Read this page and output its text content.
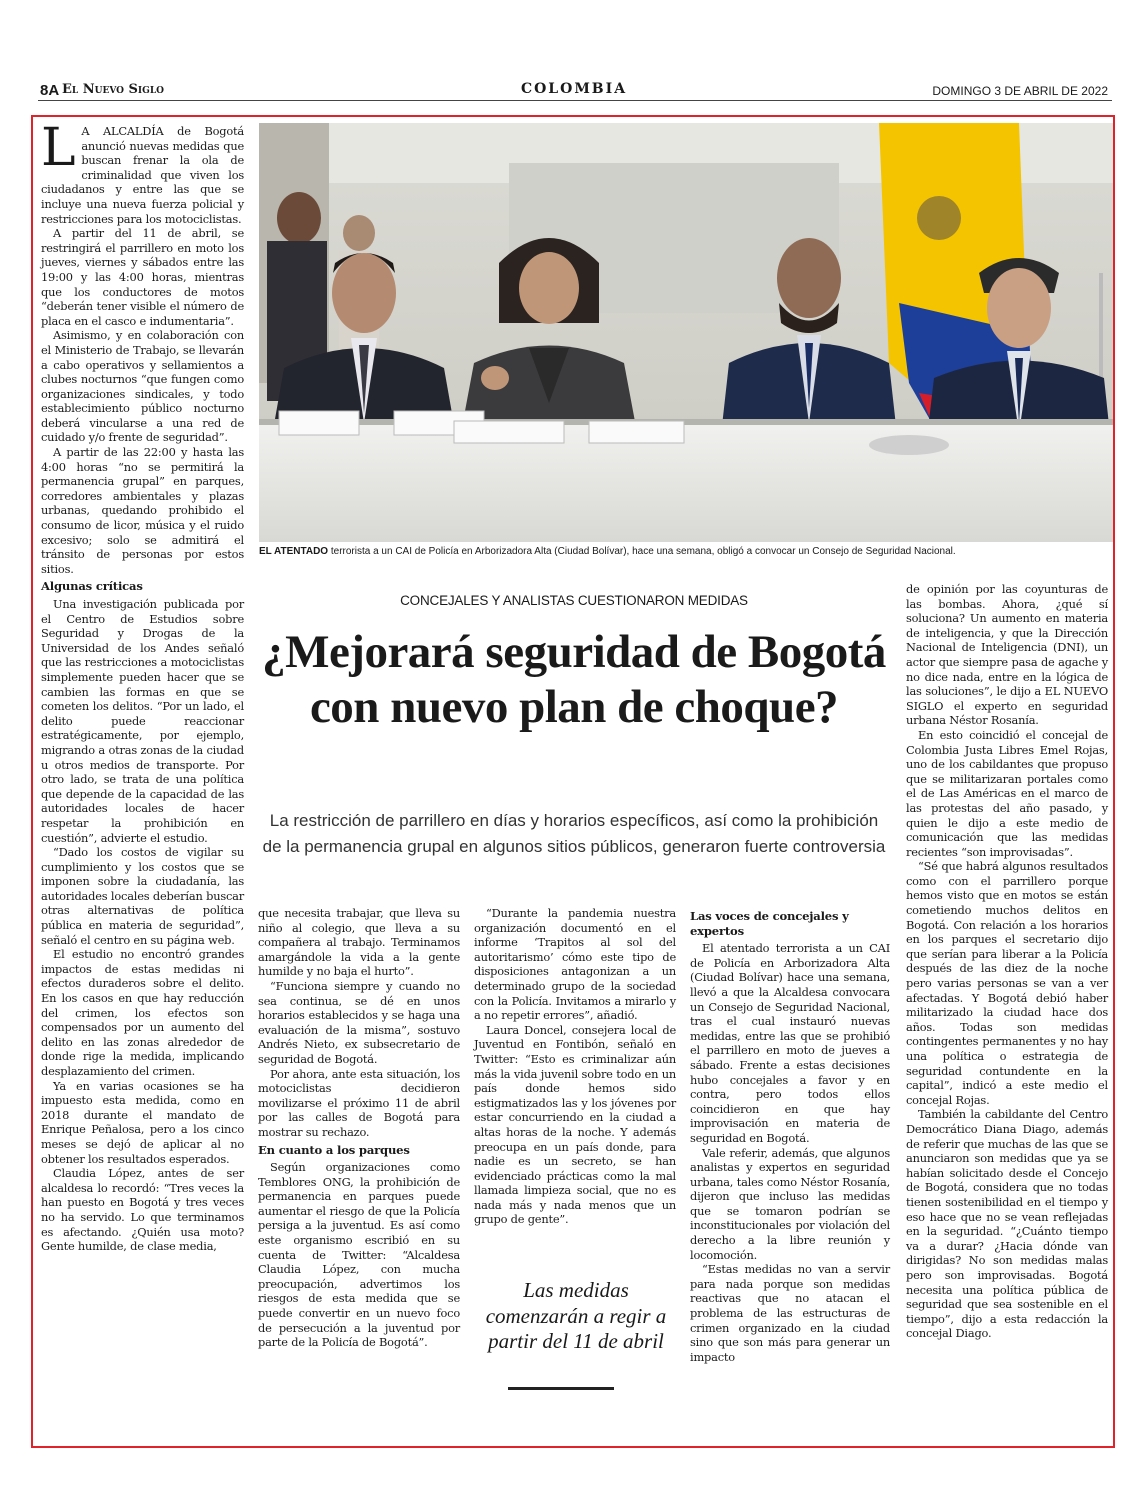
8A El Nuevo Siglo	COLOMBIA	DOMINGO 3 DE ABRIL DE 2022
EL ATENTADO terrorista a un CAI de Policía en Arborizadora Alta (Ciudad Bolívar), hace una semana, obligó a convocar un Consejo de Seguridad Nacional.

L A ALCALDÍA de Bogotá anunció nuevas medidas que buscan frenar la ola de criminalidad que viven los ciudadanos y entre las que se incluye una nueva fuerza policial y restricciones para los motociclistas.

A partir del 11 de abril, se restringirá el parrillero en moto los jueves, viernes y sábados entre las 19:00 y las 4:00 horas, mientras que los conductores de motos “deberán tener visible el número de placa en el casco e indumentaria”.

Asimismo, y en colaboración con el Ministerio de Trabajo, se llevarán a cabo operativos y sellamientos a clubes nocturnos “que fungen como organizaciones sindicales, y todo establecimiento público nocturno deberá vincularse a una red de cuidado y/o frente de seguridad”.

A partir de las 22:00 y hasta las 4:00 horas “no se permitirá la permanencia grupal” en parques, corredores ambientales y plazas urbanas, quedando prohibido el consumo de licor, música y el ruido excesivo; solo se admitirá el tránsito de personas por estos sitios.

Algunas críticas

Una investigación publicada por el Centro de Estudios sobre Seguridad y Drogas de la Universidad de los Andes señaló que las restricciones a motociclistas simplemente pueden hacer que se cambien las formas en que se cometen los delitos. “Por un lado, el delito puede reaccionar estratégicamente, por ejemplo, migrando a otras zonas de la ciudad u otros medios de transporte. Por otro lado, se trata de una política que depende de la capacidad de las autoridades locales de hacer respetar la prohibición en cuestión”, advierte el estudio.

“Dado los costos de vigilar su cumplimiento y los costos que se imponen sobre la ciudadanía, las autoridades locales deberían buscar otras alternativas de política pública en materia de seguridad”, señaló el centro en su página web.

El estudio no encontró grandes impactos de estas medidas ni efectos duraderos sobre el delito. En los casos en que hay reducción del crimen, los efectos son compensados por un aumento del delito en las zonas alrededor de donde rige la medida, implicando desplazamiento del crimen.

Ya en varias ocasiones se ha impuesto esta medida, como en 2018 durante el mandato de Enrique Peñalosa, pero a los cinco meses se dejó de aplicar al no obtener los resultados esperados.

Claudia López, antes de ser alcaldesa lo recordó: “Tres veces la han puesto en Bogotá y tres veces no ha servido. Lo que terminamos es afectando. ¿Quién usa moto? Gente humilde, de clase media,

CONCEJALES Y ANALISTAS CUESTIONARON MEDIDAS
¿Mejorará seguridad de Bogotá con nuevo plan de choque?
La restricción de parrillero en días y horarios específicos, así como la prohibición de la permanencia grupal en algunos sitios públicos, generaron fuerte controversia

que necesita trabajar, que lleva su niño al colegio, que lleva a su compañera al trabajo. Terminamos amargándole la vida a la gente humilde y no baja el hurto”.

“Funciona siempre y cuando no sea continua, se dé en unos horarios establecidos y se haga una evaluación de la misma”, sostuvo Andrés Nieto, ex subsecretario de seguridad de Bogotá.

Por ahora, ante esta situación, los motociclistas decidieron movilizarse el próximo 11 de abril por las calles de Bogotá para mostrar su rechazo.

En cuanto a los parques

Según organizaciones como Temblores ONG, la prohibición de permanencia en parques puede aumentar el riesgo de que la Policía persiga a la juventud. Es así como este organismo escribió en su cuenta de Twitter: “Alcaldesa Claudia López, con mucha preocupación, advertimos los riesgos de esta medida que se puede convertir en un nuevo foco de persecución a la juventud por parte de la Policía de Bogotá”.

“Durante la pandemia nuestra organización documentó en el informe ‘Trapitos al sol del autoritarismo’ cómo este tipo de disposiciones antagonizan a un determinado grupo de la sociedad con la Policía. Invitamos a mirarlo y a no repetir errores”, añadió.

Laura Doncel, consejera local de Juventud en Fontibón, señaló en Twitter: “Esto es criminalizar aún más la vida juvenil sobre todo en un país donde hemos sido estigmatizados las y los jóvenes por estar concurriendo en la ciudad a altas horas de la noche. Y además preocupa en un país donde, para nadie es un secreto, se han evidenciado prácticas como la mal llamada limpieza social, que no es nada más y nada menos que un grupo de gente”.

Las medidas comenzarán a regir a partir del 11 de abril
Las voces de concejales y expertos

El atentado terrorista a un CAI de Policía en Arborizadora Alta (Ciudad Bolívar) hace una semana, llevó a que la Alcaldesa convocara un Consejo de Seguridad Nacional, tras el cual instauró nuevas medidas, entre las que se prohibió el parrillero en moto de jueves a sábado. Frente a estas decisiones hubo concejales a favor y en contra, pero todos ellos coincidieron en que hay improvisación en materia de seguridad en Bogotá.

Vale referir, además, que algunos analistas y expertos en seguridad urbana, tales como Néstor Rosanía, dijeron que incluso las medidas que se tomaron podrían se inconstitucionales por violación del derecho a la libre reunión y locomoción.

“Estas medidas no van a servir para nada porque son medidas reactivas que no atacan el problema de las estructuras de crimen organizado en la ciudad sino que son más para generar un impacto

de opinión por las coyunturas de las bombas. Ahora, ¿qué sí soluciona? Un aumento en materia de inteligencia, y que la Dirección Nacional de Inteligencia (DNI), un actor que siempre pasa de agache y no dice nada, entre en la lógica de las soluciones”, le dijo a EL NUEVO SIGLO el experto en seguridad urbana Néstor Rosanía.

En esto coincidió el concejal de Colombia Justa Libres Emel Rojas, uno de los cabildantes que propuso que se militarizaran portales como el de Las Américas en el marco de las protestas del año pasado, y quien le dijo a este medio de comunicación que las medidas recientes “son improvisadas”.

“Sé que habrá algunos resultados como con el parrillero porque hemos visto que en motos se están cometiendo muchos delitos en Bogotá. Con relación a los horarios en los parques el secretario dijo que serían para liberar a la Policía después de las diez de la noche pero varias personas se van a ver afectadas. Y Bogotá debió haber militarizado la ciudad hace dos años. Todas son medidas contingentes permanentes y no hay una política o estrategia de seguridad contundente en la capital”, indicó a este medio el concejal Rojas.

También la cabildante del Centro Democrático Diana Diago, además de referir que muchas de las que se anunciaron son medidas que ya se habían solicitado desde el Concejo de Bogotá, considera que no todas tienen sostenibilidad en el tiempo y eso hace que no se vean reflejadas en la seguridad. “¿Cuánto tiempo va a durar? ¿Hacia dónde van dirigidas? No son medidas malas pero son improvisadas. Bogotá necesita una política pública de seguridad que sea sostenible en el tiempo”, dijo a esta redacción la concejal Diago.
